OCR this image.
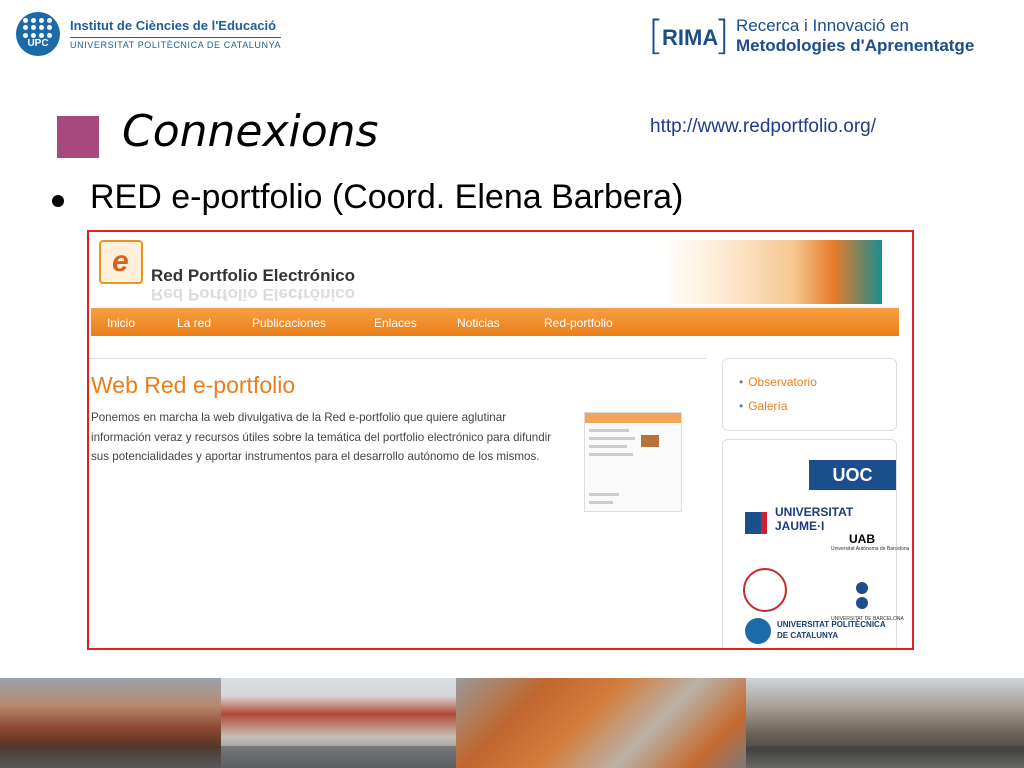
UPC
Institut de Ciències de l'Educació
UNIVERSITAT POLITÈCNICA DE CATALUNYA	[
RIMA
] Recerca i Innovació en
Metodologies d'Aprenentatge
Connexions	http://www.redportfolio.org/
RED e-portfolio (Coord. Elena Barbera)
e Red Portfolio Electrónico
Red Portfolio Electrónico
Inicio	La red	Publicaciones	Enlaces	Noticias	Red-portfolio
Web Red e-portfolio
Ponemos en marcha la web divulgativa de la Red e-portfolio que quiere aglutinar información veraz y recursos útiles sobre la temática del portfolio electrónico para difundir sus potencialidades y aportar instrumentos para el desarrollo autónomo de los mismos.
• Observatorio
• Galería
UOC
UNIVERSITAT
JAUME·I
UAB
Universitat Autònoma de Barcelona
UNIVERSITAT DE BARCELONA
UNIVERSITAT POLITÈCNICA
DE CATALUNYA
